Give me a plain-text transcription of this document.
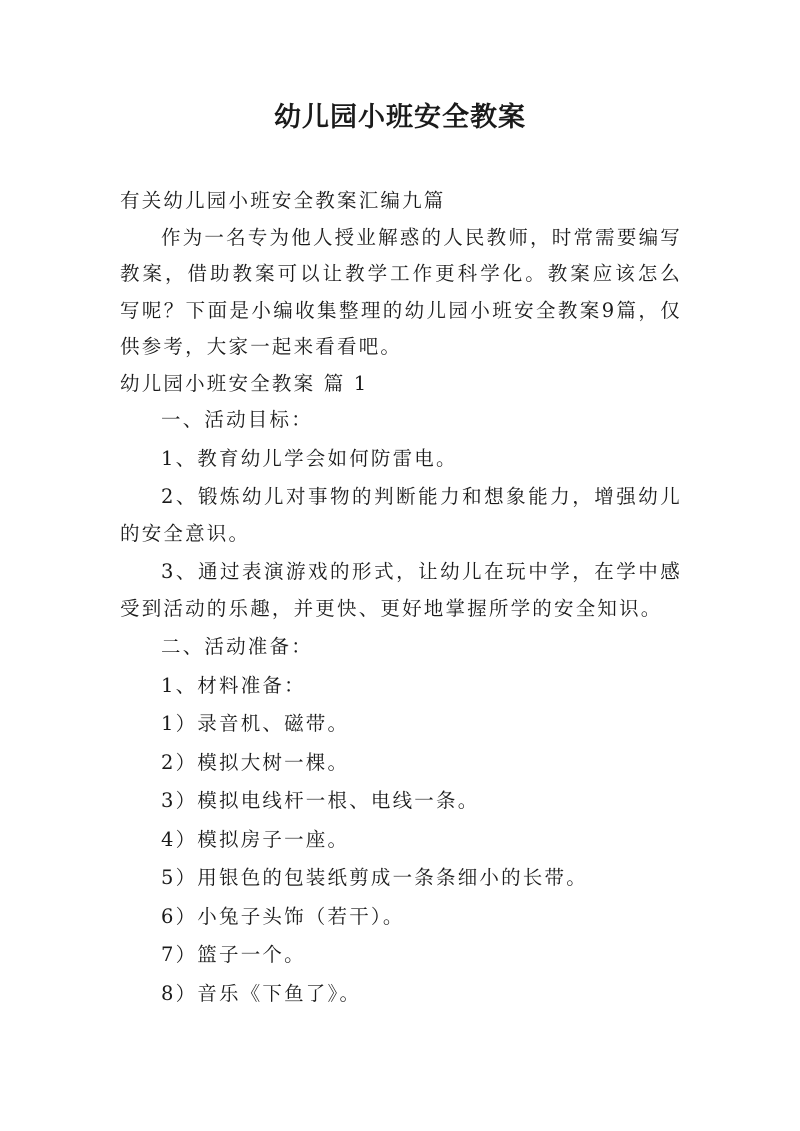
幼儿园小班安全教案

有关幼儿园小班安全教案汇编九篇

作为一名专为他人授业解惑的人民教师，时常需要编写教案，借助教案可以让教学工作更科学化。教案应该怎么写呢？下面是小编收集整理的幼儿园小班安全教案9篇，仅供参考，大家一起来看看吧。

幼儿园小班安全教案 篇 1

一、活动目标：

1、教育幼儿学会如何防雷电。

2、锻炼幼儿对事物的判断能力和想象能力，增强幼儿的安全意识。

3、通过表演游戏的形式，让幼儿在玩中学，在学中感受到活动的乐趣，并更快、更好地掌握所学的安全知识。

二、活动准备：

1、材料准备：

1）录音机、磁带。

2）模拟大树一棵。

3）模拟电线杆一根、电线一条。

4）模拟房子一座。

5）用银色的包装纸剪成一条条细小的长带。

6）小兔子头饰（若干）。

7）篮子一个。

8）音乐《下鱼了》。
